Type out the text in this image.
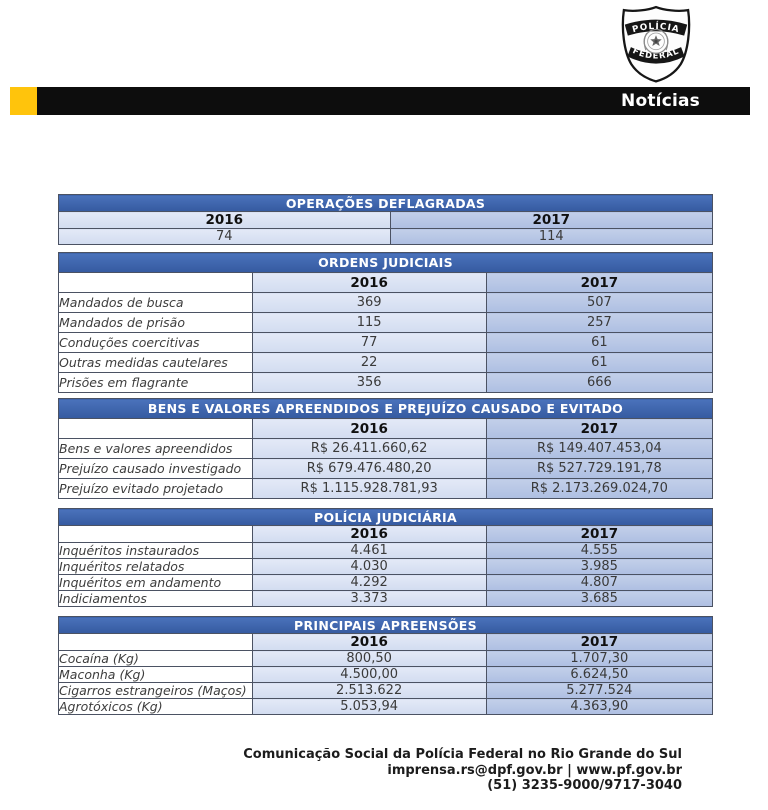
POLÍCIA
FEDERAL
Notícias
OPERAÇÕES DEFLAGRADAS	
2016	2017
74	114
ORDENS JUDICIAIS		
	2016	2017
Mandados de busca	369	507
Mandados de prisão	115	257
Conduções coercitivas	77	61
Outras medidas cautelares	22	61
Prisões em flagrante	356	666
BENS E VALORES APREENDIDOS E PREJUÍZO CAUSADO E EVITADO		
	2016	2017
Bens e valores apreendidos	R$ 26.411.660,62	R$ 149.407.453,04
Prejuízo causado investigado	R$ 679.476.480,20	R$ 527.729.191,78
Prejuízo evitado projetado	R$ 1.115.928.781,93	R$ 2.173.269.024,70
POLÍCIA JUDICIÁRIA		
	2016	2017
Inquéritos instaurados	4.461	4.555
Inquéritos relatados	4.030	3.985
Inquéritos em andamento	4.292	4.807
Indiciamentos	3.373	3.685
PRINCIPAIS APREENSÕES		
	2016	2017
Cocaína (Kg)	800,50	1.707,30
Maconha (Kg)	4.500,00	6.624,50
Cigarros estrangeiros (Maços)	2.513.622	5.277.524
Agrotóxicos (Kg)	5.053,94	4.363,90
Comunicação Social da Polícia Federal no Rio Grande do Sul
imprensa.rs@dpf.gov.br | www.pf.gov.br
(51) 3235-9000/9717-3040
